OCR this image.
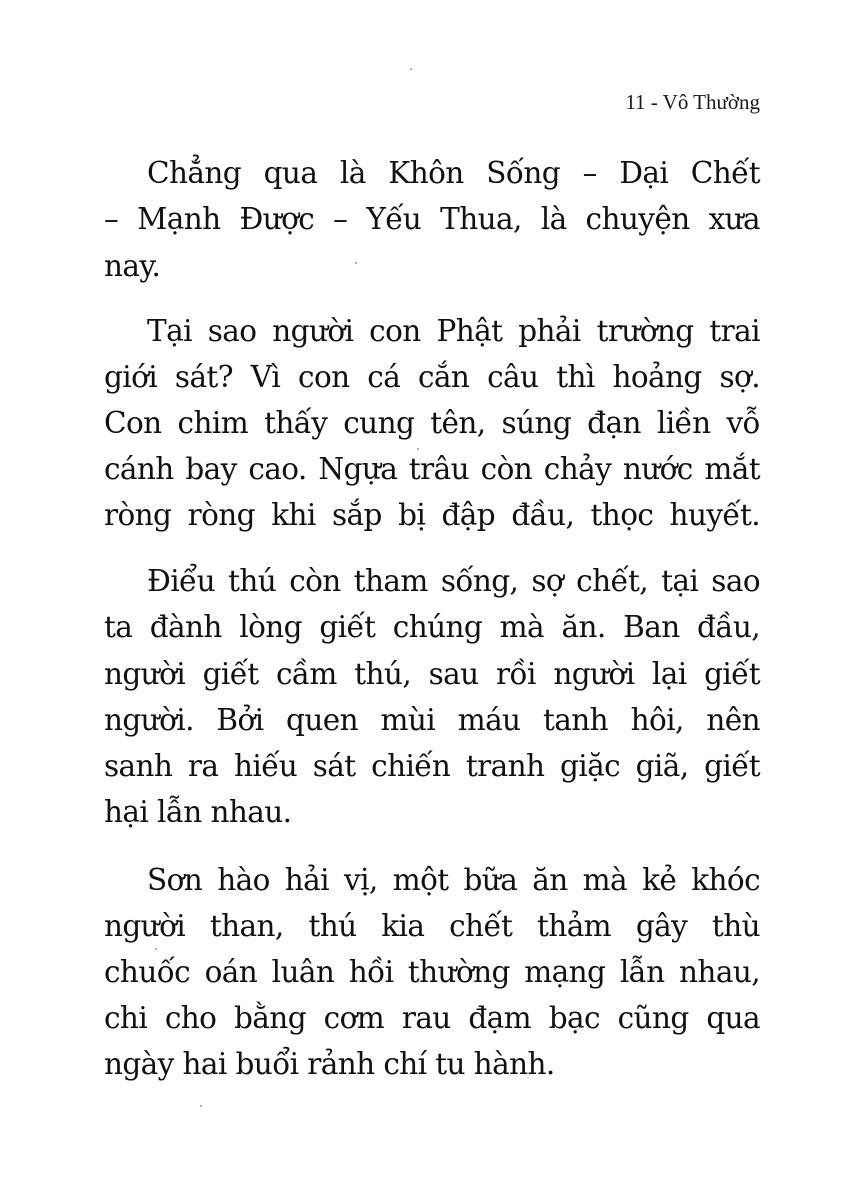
11 - Vô Thường
Chẳng qua là Khôn Sống – Dại Chết
– Mạnh Được – Yếu Thua, là chuyện xưa
nay.
Tại sao người con Phật phải trường trai
giới sát? Vì con cá cắn câu thì hoảng sợ.
Con chim thấy cung tên, súng đạn liền vỗ
cánh bay cao. Ngựa trâu còn chảy nước mắt
ròng ròng khi sắp bị đập đầu, thọc huyết.
Điểu thú còn tham sống, sợ chết, tại sao
ta đành lòng giết chúng mà ăn. Ban đầu,
người giết cầm thú, sau rồi người lại giết
người. Bởi quen mùi máu tanh hôi, nên
sanh ra hiếu sát chiến tranh giặc giã, giết
hại lẫn nhau.
Sơn hào hải vị, một bữa ăn mà kẻ khóc
người than, thú kia chết thảm gây thù
chuốc oán luân hồi thường mạng lẫn nhau,
chi cho bằng cơm rau đạm bạc cũng qua
ngày hai buổi rảnh chí tu hành.
